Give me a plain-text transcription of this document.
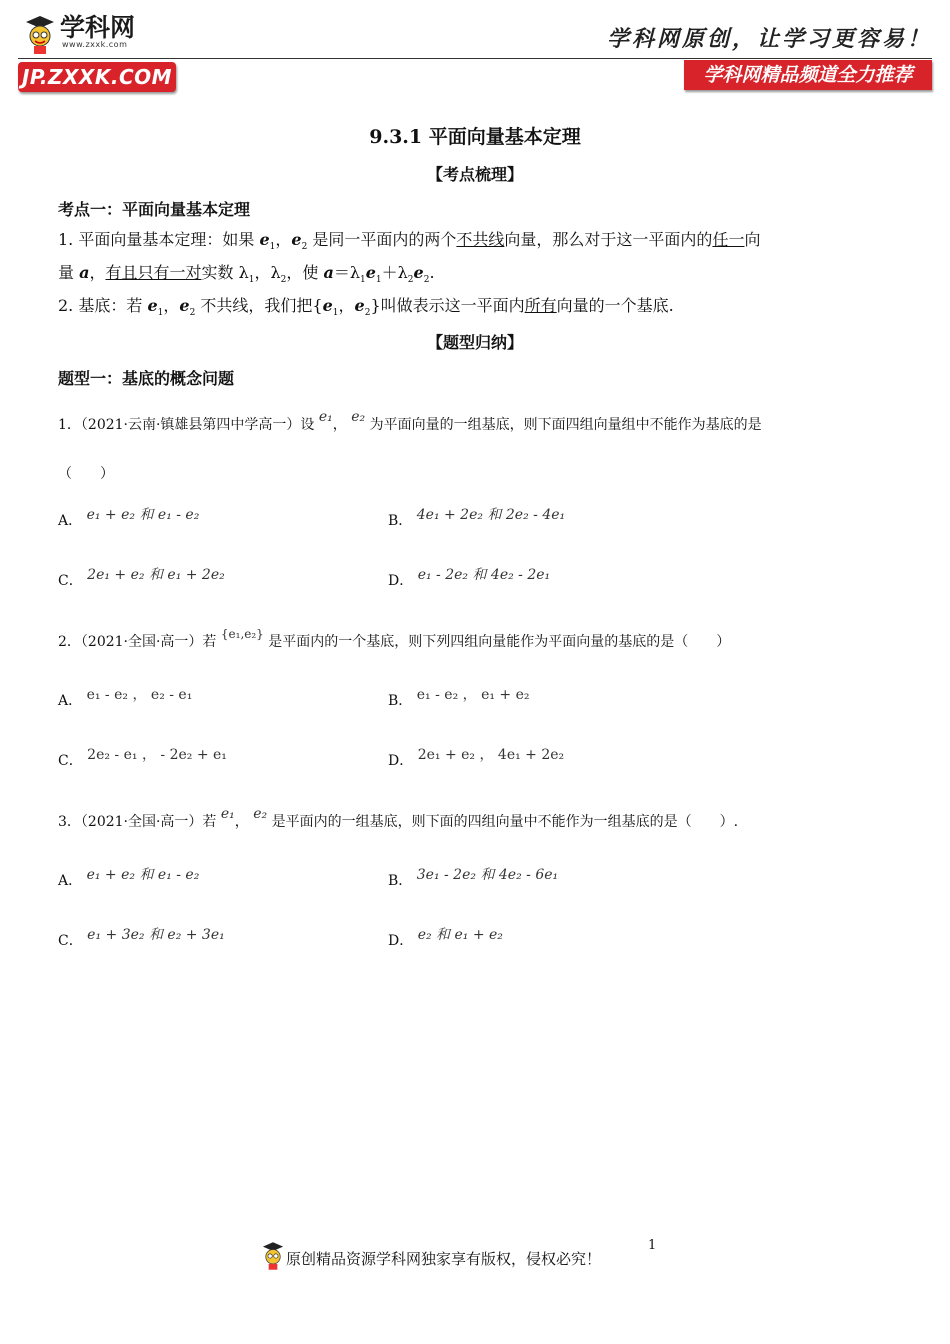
学科网
www.zxxk.com
JP.ZXXK.COM
学科网原创，让学习更容易！
学科网精品频道全力推荐
9.3.1 平面向量基本定理
【考点梳理】
考点一：平面向量基本定理
1. 平面向量基本定理：如果 $e_1$，$e_2$ 是同一平面内的两个不共线向量，那么对于这一平面内的任一向
量 a，有且只有一对实数 $\lambda_1$，$\lambda_2$，使 $a=\lambda_1e_1+\lambda_2e_2$.
2. 基底：若 $e_1$，$e_2$ 不共线，我们把{$e_1$，$e_2$}叫做表示这一平面内所有向量的一个基底.
【题型归纳】
题型一：基底的概念问题
1．（2021·云南·镇雄县第四中学高一）设 e₁， e₂ 为平面向量的一组基底，则下面四组向量组中不能作为基底的是
（　　）
A． e₁ + e₂ 和 e₁ - e₂	B． 4e₁ + 2e₂ 和 2e₂ - 4e₁
C． 2e₁ + e₂ 和 e₁ + 2e₂	D． e₁ - 2e₂ 和 4e₂ - 2e₁
2．（2021·全国·高一）若 {e₁,e₂} 是平面内的一个基底，则下列四组向量能作为平面向量的基底的是（　　）
A． e₁ - e₂ ， e₂ - e₁	B． e₁ - e₂ ， e₁ + e₂
C． 2e₂ - e₁ ， - 2e₂ + e₁	D． 2e₁ + e₂ ， 4e₁ + 2e₂
3．（2021·全国·高一）若 e₁， e₂ 是平面内的一组基底，则下面的四组向量中不能作为一组基底的是（　　）.
A． e₁ + e₂ 和 e₁ - e₂	B． 3e₁ - 2e₂ 和 4e₂ - 6e₁
C． e₁ + 3e₂ 和 e₂ + 3e₁	D． e₂ 和 e₁ + e₂
原创精品资源学科网独家享有版权，侵权必究！
1
